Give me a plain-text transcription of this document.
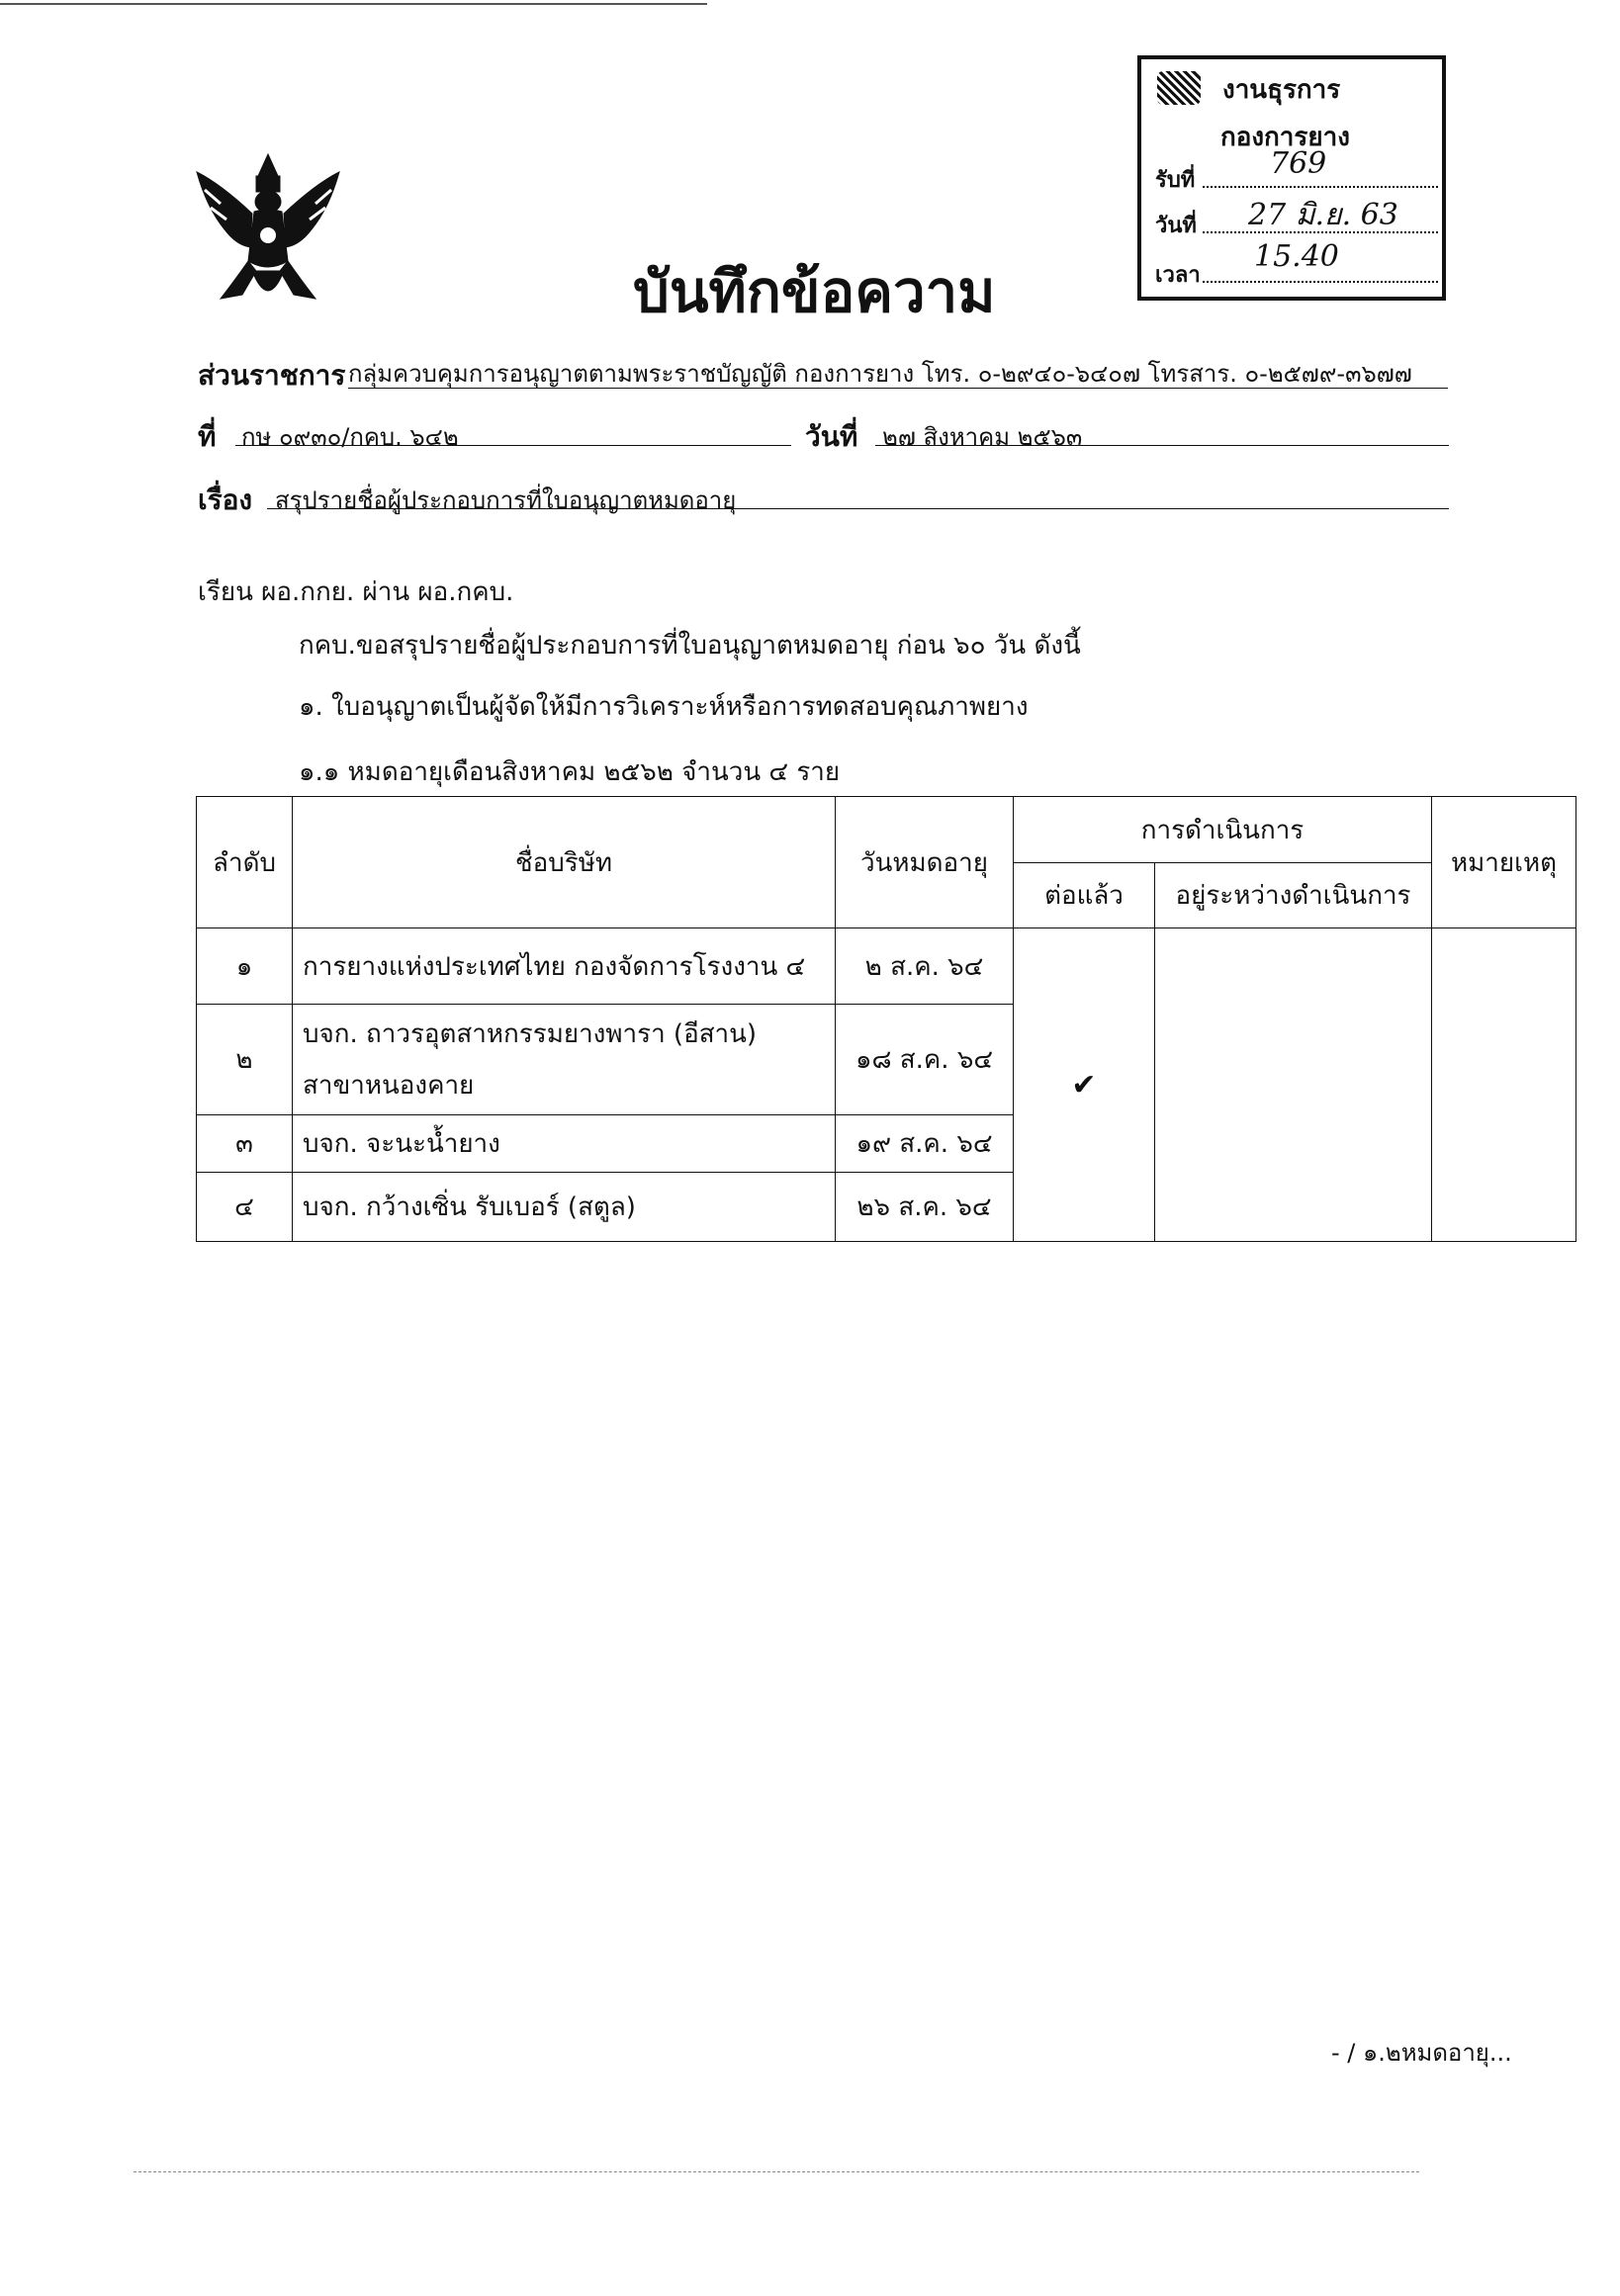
บันทึกข้อความ
งานธุรการ
กองการยาง
รับที่	769
วันที่ 27 มิ.ย. 63
เวลา
15.40
ส่วนราชการ กลุ่มควบคุมการอนุญาตตามพระราชบัญญัติ กองการยาง โทร. ๐-๒๙๔๐-๖๔๐๗ โทรสาร. ๐-๒๕๗๙-๓๖๗๗
ที่ กษ ๐๙๓๐/กคบ. ๖๔๒	วันที่ ๒๗ สิงหาคม ๒๕๖๓
เรื่อง สรุปรายชื่อผู้ประกอบการที่ใบอนุญาตหมดอายุ
เรียน ผอ.กกย. ผ่าน ผอ.กคบ.
กคบ.ขอสรุปรายชื่อผู้ประกอบการที่ใบอนุญาตหมดอายุ ก่อน ๖๐ วัน ดังนี้
๑. ใบอนุญาตเป็นผู้จัดให้มีการวิเคราะห์หรือการทดสอบคุณภาพยาง
๑.๑ หมดอายุเดือนสิงหาคม ๒๕๖๒ จำนวน ๔ ราย
ลำดับ	ชื่อบริษัท	วันหมดอายุ	การดำเนินการ		หมายเหตุ
			ต่อแล้ว	อยู่ระหว่างดำเนินการ	
๑	การยางแห่งประเทศไทย กองจัดการโรงงาน ๔	๒ ส.ค. ๖๔	✔		
๒	บจก. ถาวรอุตสาหกรรมยางพารา (อีสาน)
สาขาหนองคาย	๑๘ ส.ค. ๖๔			
๓	บจก. จะนะน้ำยาง	๑๙ ส.ค. ๖๔			
๔	บจก. กว้างเซิ่น รับเบอร์ (สตูล)	๒๖ ส.ค. ๖๔			
- / ๑.๒หมดอายุ...
